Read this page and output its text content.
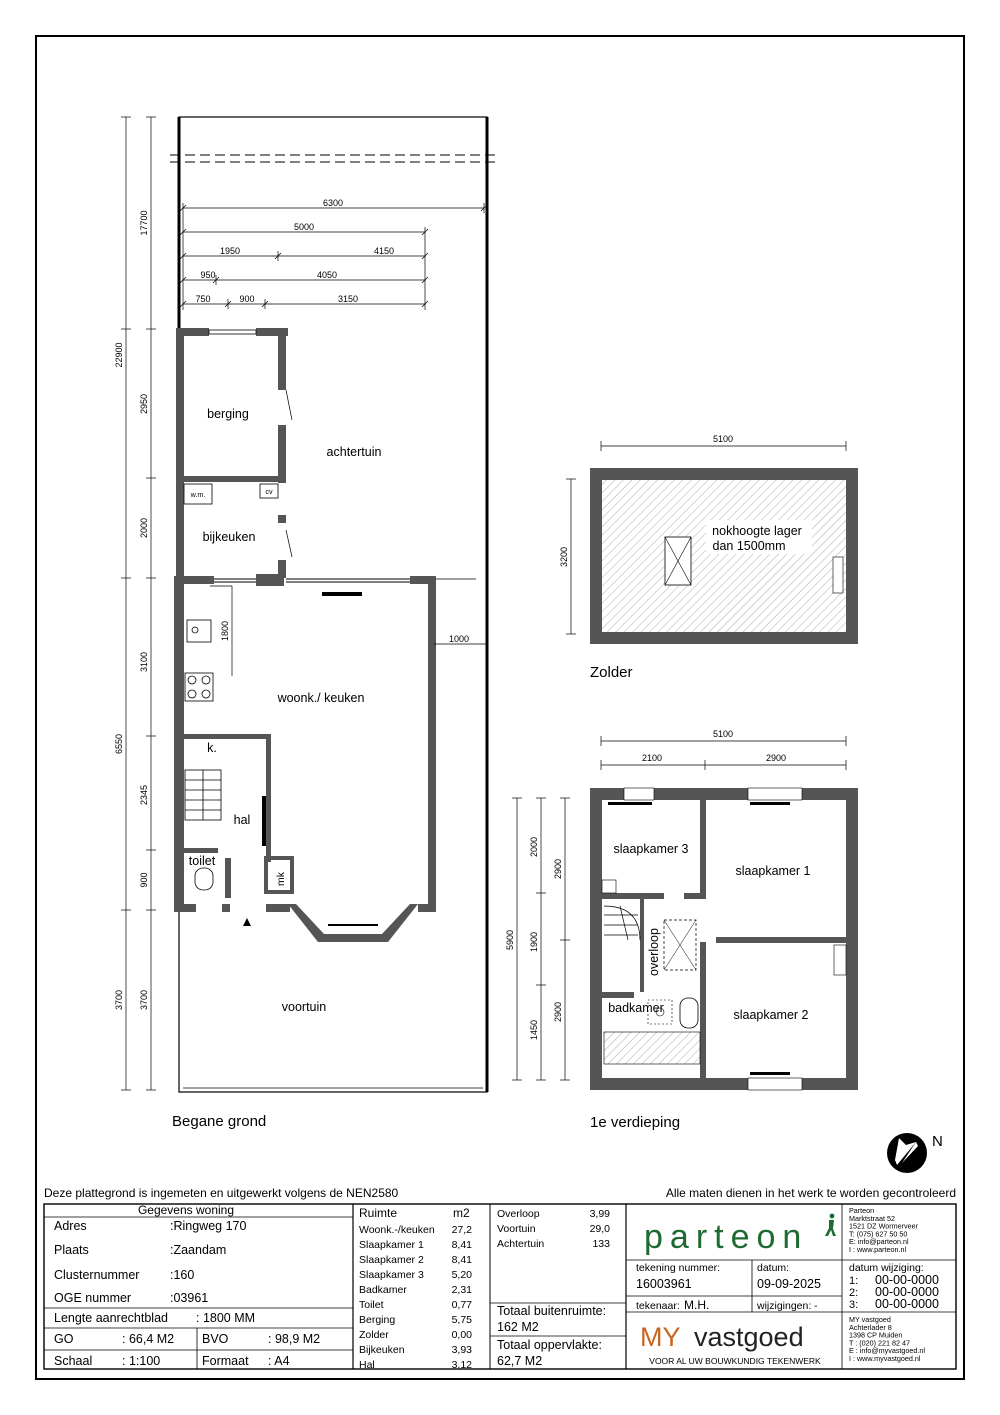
6300
5000
1950	4150
950	4050
750	900	3150
17700
22900
6550
3700
2950
2000
3100
2345
900
3700
achtertuin
berging
w.m.	cv
bijkeuken
woonk./ keuken
k.
hal
toilet
mk
voortuin
1000
1800
Begane grond
5100
3200
nokhoogte lager
dan 1500mm
Zolder
5100
2100	2900
5900
2000
1900
1450
2900
2900
slaapkamer 3
slaapkamer 1
overloop
slaapkamer 2
badkamer
1e verdieping
N
Deze plattegrond is ingemeten en uitgewerkt volgens de NEN2580	Alle maten dienen in het werk te worden gecontroleerd
Gegevens woning
Adres	:Ringweg 170
Plaats	:Zaandam
Clusternummer :160
OGE nummer	:03961
Lengte aanrechtblad : 1800 MM
GO	: 66,4 M2 BVO	: 98,9 M2
Schaal : 1:100	Formaat : A4
Ruimte	m2
Woonk.-/keuken 27,2
Slaapkamer 1	8,41
Slaapkamer 2	8,41
Slaapkamer 3	5,20
Badkamer	2,31
Toilet	0,77
Berging	5,75
Zolder	0,00
Bijkeuken	3,93
Hal	3,12
Overloop	3,99
Voortuin	29,0
Achtertuin	133
Totaal buitenruimte:
162 M2
Totaal oppervlakte:
62,7 M2
parteon
Parteon
Marktstraat 52
1521 DZ Wormerveer
T: (075) 627 50 50
E: info@parteon.nl
I : www.parteon.nl
tekening nummer:
16003961
datum:
09-09-2025
datum wijziging:
1: 00-00-0000
2: 00-00-0000
3: 00-00-0000
tekenaar: M.H.	wijzigingen: -
MY vastgoed
VOOR AL UW BOUWKUNDIG TEKENWERK
MY vastgoed
Achterlader 8
1398 CP Muiden
T : (020) 221 82 47
E : info@myvastgoed.nl
I : www.myvastgoed.nl
